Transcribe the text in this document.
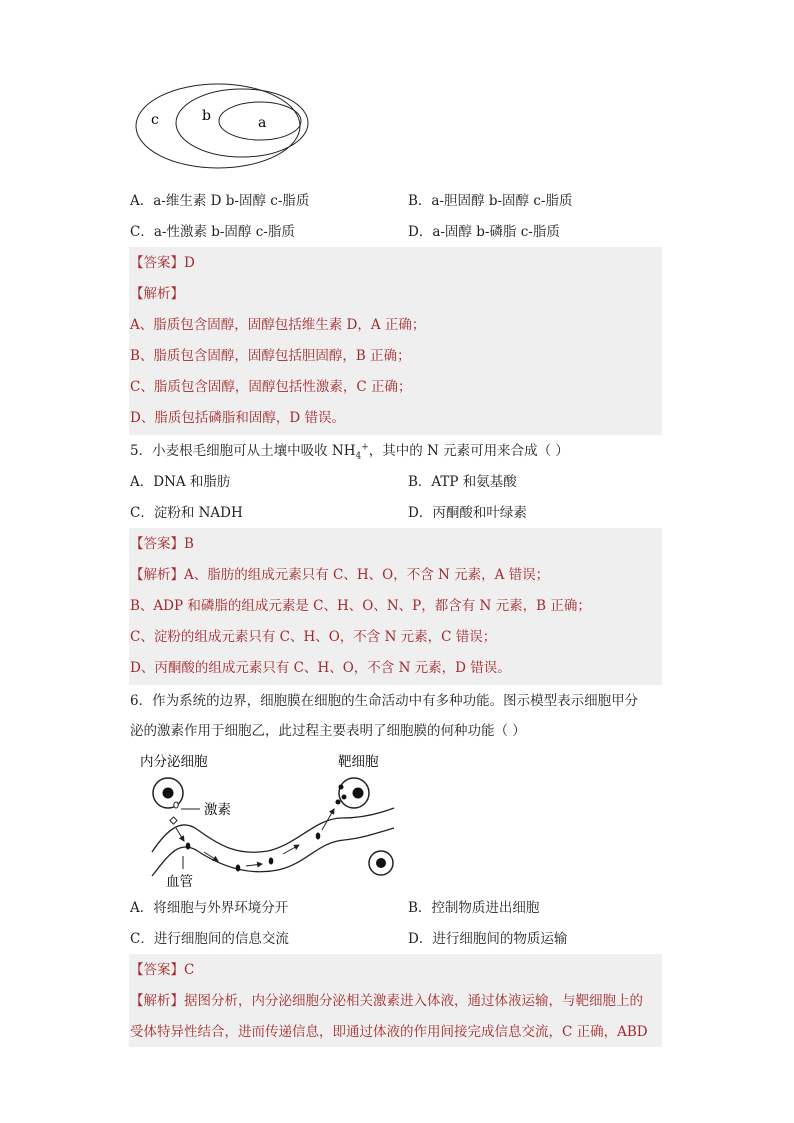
c	b	a
A．a-维生素 D b-固醇 c-脂质	B．a-胆固醇 b-固醇 c-脂质
C．a-性激素 b-固醇 c-脂质	D．a-固醇 b-磷脂 c-脂质
【答案】D
【解析】
A、脂质包含固醇，固醇包括维生素 D，A 正确；
B、脂质包含固醇，固醇包括胆固醇，B 正确；
C、脂质包含固醇，固醇包括性激素，C 正确；
D、脂质包括磷脂和固醇，D 错误。
5．小麦根毛细胞可从土壤中吸收 $NH_4^+$，其中的 N 元素可用来合成（ ）
A．DNA 和脂肪	B．ATP 和氨基酸
C．淀粉和 NADH	D．丙酮酸和叶绿素
【答案】B
【解析】A、脂肪的组成元素只有 C、H、O，不含 N 元素，A 错误；
B、ADP 和磷脂的组成元素是 C、H、O、N、P，都含有 N 元素，B 正确；
C、淀粉的组成元素只有 C、H、O，不含 N 元素，C 错误；
D、丙酮酸的组成元素只有 C、H、O，不含 N 元素，D 错误。
6．作为系统的边界，细胞膜在细胞的生命活动中有多种功能。图示模型表示细胞甲分
泌的激素作用于细胞乙，此过程主要表明了细胞膜的何种功能（ ）
内分泌细胞	靶细胞
激素
血管
A．将细胞与外界环境分开	B．控制物质进出细胞
C．进行细胞间的信息交流	D．进行细胞间的物质运输
【答案】C
【解析】据图分析，内分泌细胞分泌相关激素进入体液，通过体液运输，与靶细胞上的
受体特异性结合，进而传递信息，即通过体液的作用间接完成信息交流，C 正确，ABD
